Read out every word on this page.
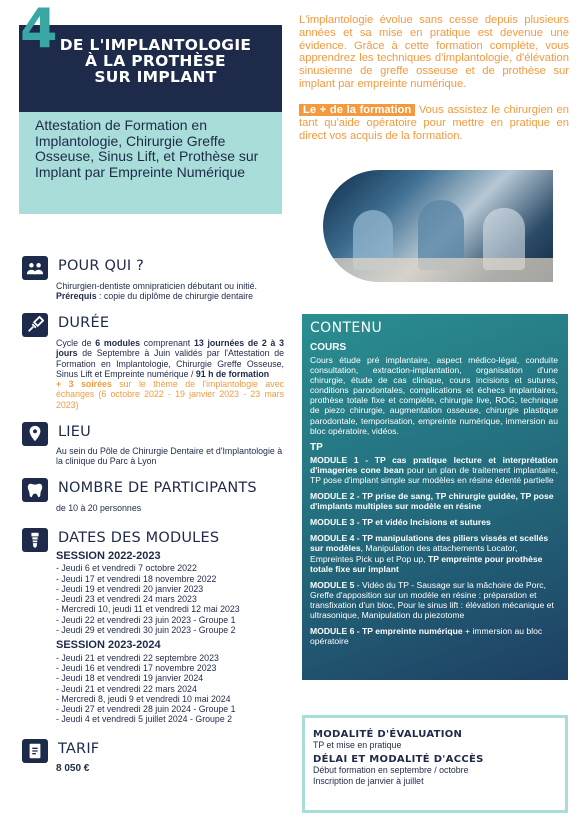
DE L'IMPLANTOLOGIE
À LA PROTHÈSE
SUR IMPLANT
4

Attestation de Formation en Implantologie, Chirurgie Greffe Osseuse, Sinus Lift, et Prothèse sur Implant par Empreinte Numérique

L'implantologie évolue sans cesse depuis plusieurs années et sa mise en pratique est devenue une évidence. Grâce à cette formation complète, vous apprendrez les techniques d'implantologie, d'élévation sinusienne de greffe osseuse et de prothèse sur implant par empreinte numérique.

Le + de la formation Vous assistez le chirurgien en tant qu'aide opératoire pour mettre en pratique en direct vos acquis de la formation.

POUR QUI ?
Chirurgien-dentiste omnipraticien débutant ou initié.
Prérequis : copie du diplôme de chirurgie dentaire
DURÉE
Cycle de 6 modules comprenant 13 journées de 2 à 3 jours de Septembre à Juin validés par l'Attestation de Formation en Implantologie, Chirurgie Greffe Osseuse, Sinus Lift et Empreinte numérique / 91 h de formation
+ 3 soirées sur le thème de l'implantologie avec échanges (6 octobre 2022 - 19 janvier 2023 - 23 mars 2023)
LIEU
Au sein du Pôle de Chirurgie Dentaire et d'Implantologie à la clinique du Parc à Lyon
NOMBRE DE PARTICIPANTS
de 10 à 20 personnes
DATES DES MODULES
SESSION 2022-2023
- Jeudi 6 et vendredi 7 octobre 2022
- Jeudi 17 et vendredi 18 novembre 2022
- Jeudi 19 et vendredi 20 janvier 2023
- Jeudi 23 et vendredi 24 mars 2023
- Mercredi 10, jeudi 11 et vendredi 12 mai 2023
- Jeudi 22 et vendredi 23 juin 2023 - Groupe 1
- Jeudi 29 et vendredi 30 juin 2023 - Groupe 2
SESSION 2023-2024
- Jeudi 21 et vendredi 22 septembre 2023
- Jeudi 16 et vendredi 17 novembre 2023
- Jeudi 18 et vendredi 19 janvier 2024
- Jeudi 21 et vendredi 22 mars 2024
- Mercredi 8, jeudi 9 et vendredi 10 mai 2024
- Jeudi 27 et vendredi 28 juin 2024 - Groupe 1
- Jeudi 4 et vendredi 5 juillet 2024 - Groupe 2
TARIF
8 050 €
CONTENU
COURS
Cours étude pré implantaire, aspect médico-légal, conduite consultation, extraction-implantation, organisation d'une chirurgie, étude de cas clinique, cours incisions et sutures, conditions parodontales, complications et échecs implantaires, prothèse totale fixe et complète, chirurgie live, ROG, technique de piezo chirurgie, augmentation osseuse, chirurgie plastique parodontale, temporisation, empreinte numérique, immersion au bloc opératoire, vidéos.
TP
MODULE 1 - TP cas pratique lecture et interprétation d'imageries cone bean pour un plan de traitement implantaire, TP pose d'implant simple sur modèles en résine édenté partielle
MODULE 2 - TP prise de sang, TP chirurgie guidée, TP pose d'implants multiples sur modèle en résine
MODULE 3 - TP et vidéo Incisions et sutures
MODULE 4 - TP manipulations des piliers vissés et scellés sur modèles, Manipulation des attachements Locator, Empreintes Pick up et Pop up, TP empreinte pour prothèse totale fixe sur implant
MODULE 5 - Vidéo du TP - Sausage sur la mâchoire de Porc, Greffe d'apposition sur un modèle en résine : préparation et transfixation d'un bloc, Pour le sinus lift : élévation mécanique et ultrasonique, Manipulation du piezotome
MODULE 6 - TP empreinte numérique + immersion au bloc opératoire
MODALITÉ D'ÉVALUATION
TP et mise en pratique
DÉLAI ET MODALITÉ D'ACCÈS
Début formation en septembre / octobre
Inscription de janvier à juillet
